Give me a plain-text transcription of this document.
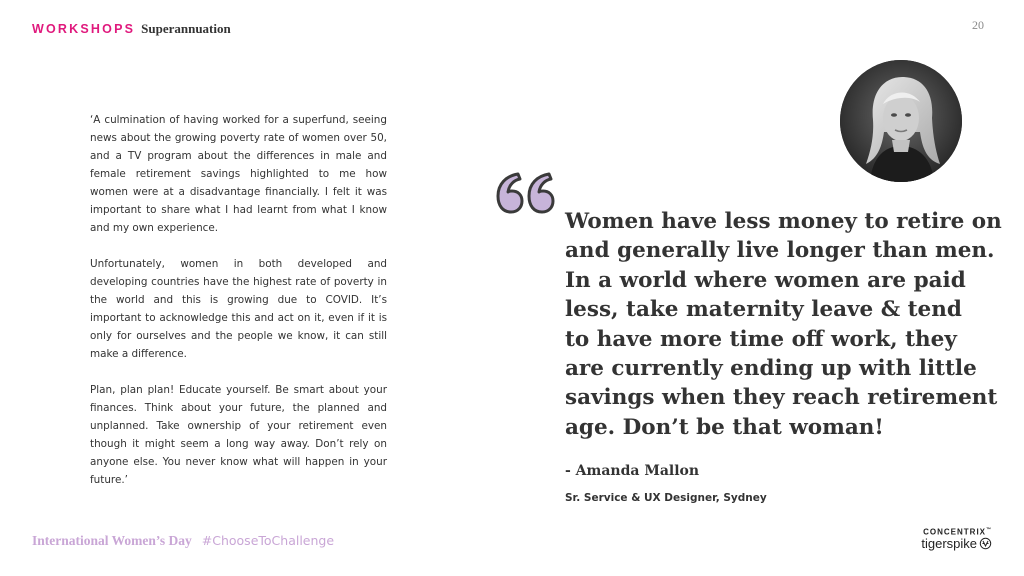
WORKSHOPS Superannuation	20

‘A culmination of having worked for a superfund, seeing news about the growing poverty rate of women over 50, and a TV program about the differences in male and female retirement savings highlighted to me how women were at a disadvantage financially. I felt it was important to share what I had learnt from what I know and my own experience.

Unfortunately, women in both developed and developing countries have the highest rate of poverty in the world and this is growing due to COVID. It’s important to acknowledge this and act on it, even if it is only for ourselves and the people we know, it can still make a difference.

Plan, plan plan! Educate yourself. Be smart about your finances. Think about your future, the planned and unplanned. Take ownership of your retirement even though it might seem a long way away. Don’t rely on anyone else. You never know what will happen in your future.’

Women have less money to retire on
and generally live longer than men.
In a world where women are paid
less, take maternity leave & tend
to have more time off work, they
are currently ending up with little
savings when they reach retirement
age. Don’t be that woman!
- Amanda Mallon
Sr. Service & UX Designer, Sydney
International Women’s Day #ChooseToChallenge
CONCENTRIX™
tigerspike
